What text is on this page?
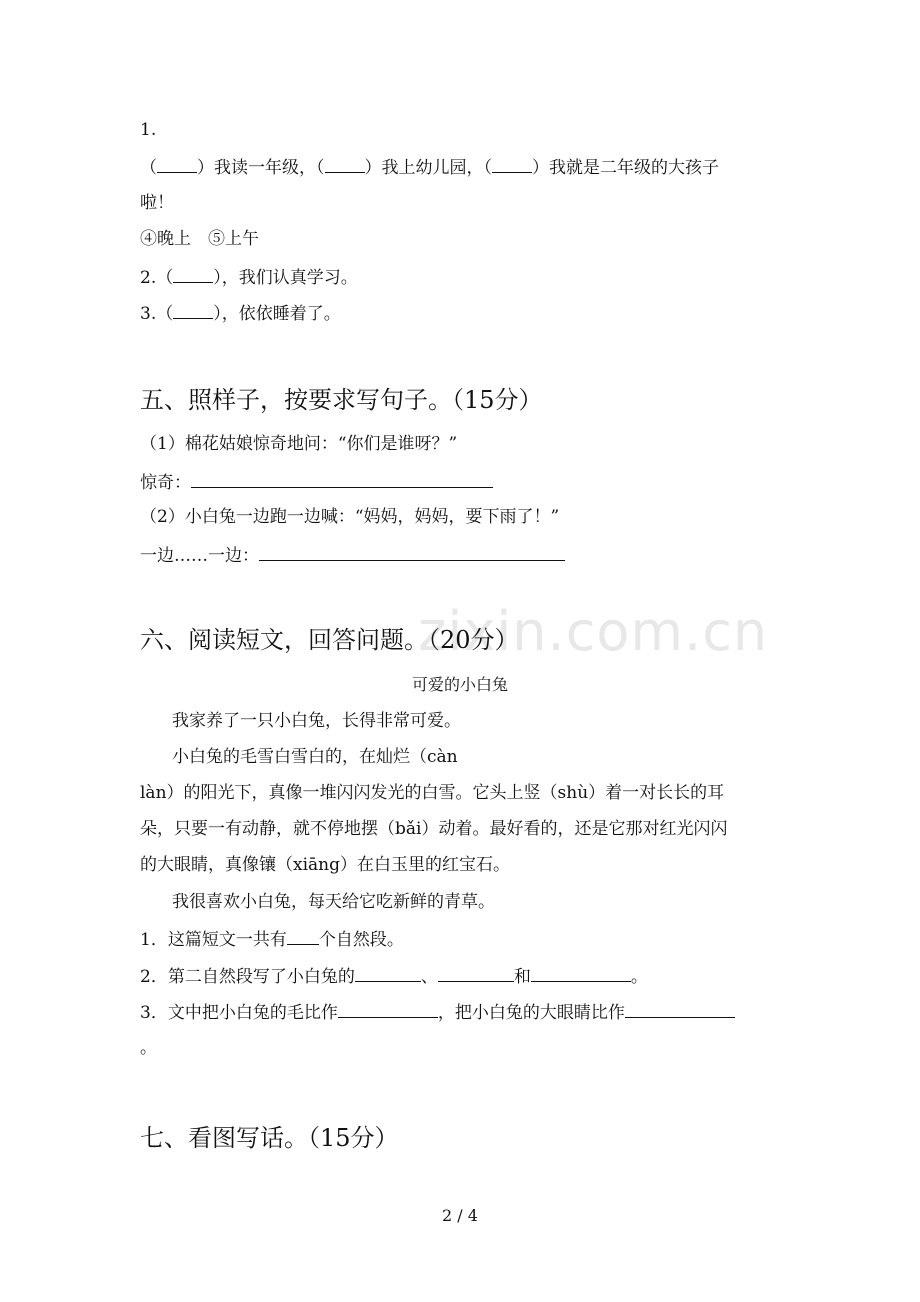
zixin.com.cn
1.
（ ）我读一年级，（ ）我上幼儿园，（ ）我就是二年级的大孩子
啦！
④晚上　⑤上午
2.（ ），我们认真学习。
3.（ ），依依睡着了。
五、照样子，按要求写句子。（15分）
（1）棉花姑娘惊奇地问：“你们是谁呀？”
惊奇：
（2）小白兔一边跑一边喊：“妈妈，妈妈，要下雨了！”
一边……一边：
六、阅读短文，回答问题。（20分）
可爱的小白兔
我家养了一只小白兔，长得非常可爱。
小白兔的毛雪白雪白的，在灿烂（càn
làn）的阳光下，真像一堆闪闪发光的白雪。它头上竖（shù）着一对长长的耳
朵，只要一有动静，就不停地摆（bǎi）动着。最好看的，还是它那对红光闪闪
的大眼睛，真像镶（xiāng）在白玉里的红宝石。
我很喜欢小白兔，每天给它吃新鲜的青草。
1．这篇短文一共有 个自然段。
2．第二自然段写了小白兔的	、	和	。
3．文中把小白兔的毛比作	，把小白兔的大眼睛比作
。
七、看图写话。（15分）
2 / 4
